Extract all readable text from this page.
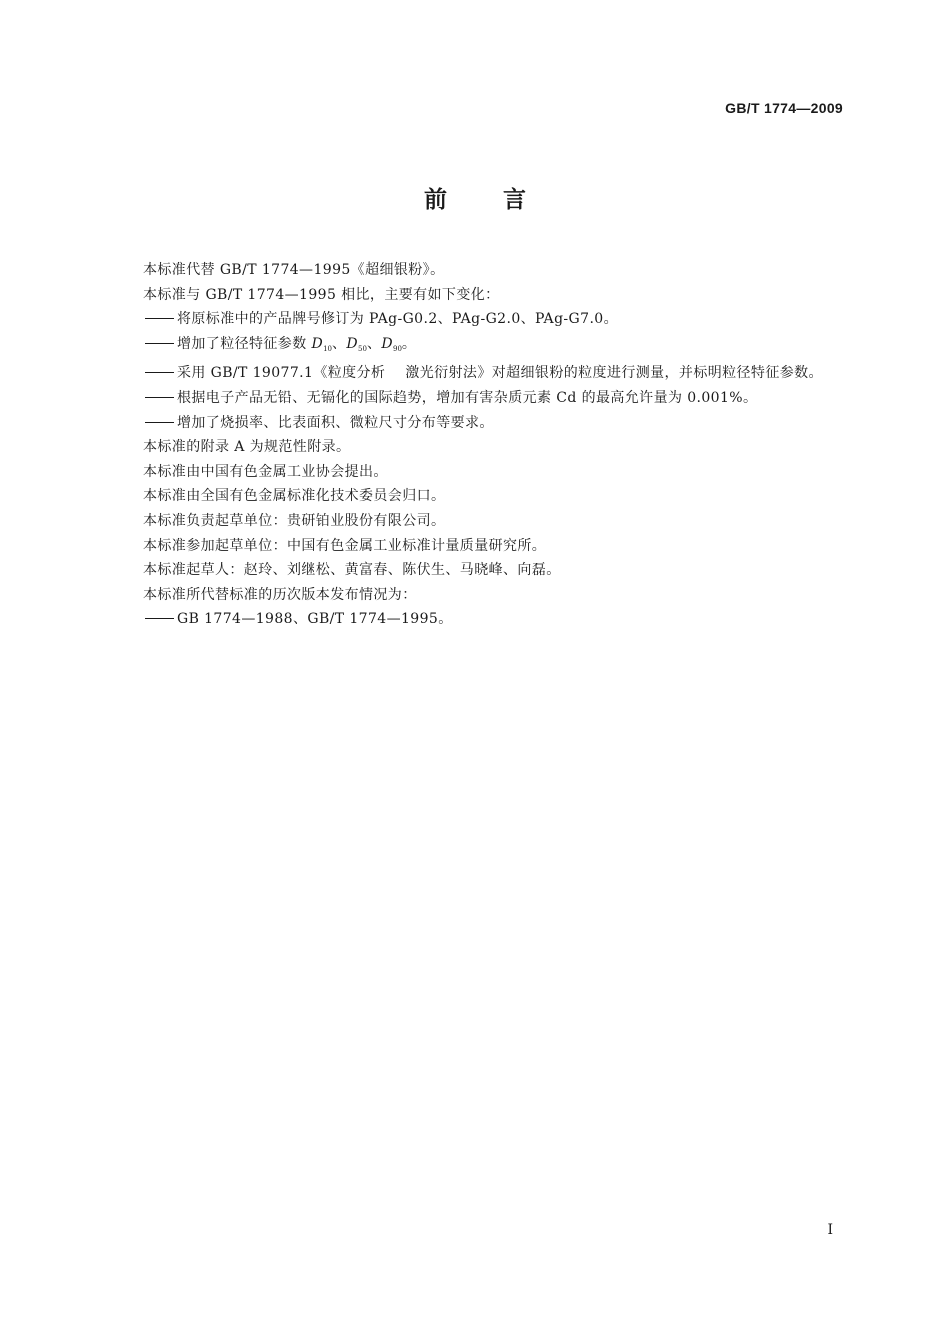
GB/T 1774—2009
前言
本标准代替 GB/T 1774—1995《超细银粉》。
本标准与 GB/T 1774—1995 相比，主要有如下变化：
将原标准中的产品牌号修订为 PAg-G0.2、PAg-G2.0、PAg-G7.0。
增加了粒径特征参数 $D_{10}$、$D_{50}$、$D_{90}$。
采用 GB/T 19077.1《粒度分析 激光衍射法》对超细银粉的粒度进行测量，并标明粒径特征参数。
根据电子产品无铅、无镉化的国际趋势，增加有害杂质元素 Cd 的最高允许量为 0.001%。
增加了烧损率、比表面积、微粒尺寸分布等要求。
本标准的附录 A 为规范性附录。
本标准由中国有色金属工业协会提出。
本标准由全国有色金属标准化技术委员会归口。
本标准负责起草单位：贵研铂业股份有限公司。
本标准参加起草单位：中国有色金属工业标准计量质量研究所。
本标准起草人：赵玲、刘继松、黄富春、陈伏生、马晓峰、向磊。
本标准所代替标准的历次版本发布情况为：
GB 1774—1988、GB/T 1774—1995。
I
